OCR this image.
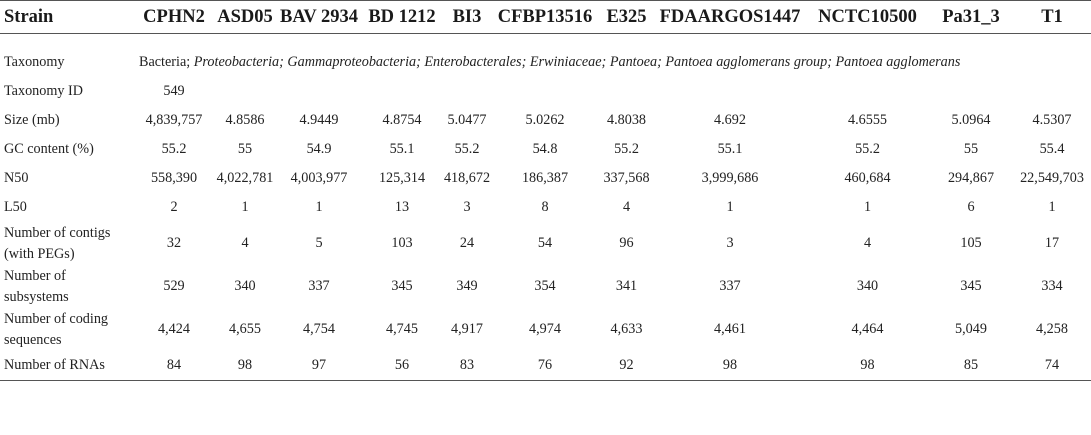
Strain	CPHN2	ASD05	BAV 2934	BD 1212	BI3	CFBP13516	E325	FDAARGOS1447	NCTC10500	Pa31_3	T1

Taxonomy	Bacteria; Proteobacteria; Gammaproteobacteria; Enterobacterales; Erwiniaceae; Pantoea; Pantoea agglomerans group; Pantoea agglomerans										
Taxonomy ID	549										
Size (mb)	4,839,757	4.8586	4.9449	4.8754	5.0477	5.0262	4.8038	4.692	4.6555	5.0964	4.5307
GC content (%)	55.2	55	54.9	55.1	55.2	54.8	55.2	55.1	55.2	55	55.4
N50	558,390	4,022,781	4,003,977	125,314	418,672	186,387	337,568	3,999,686	460,684	294,867	22,549,703
L50	2	1	1	13	3	8	4	1	1	6	1
Number of contigs
(with PEGs)	32	4	5	103	24	54	96	3	4	105	17
Number of
subsystems	529	340	337	345	349	354	341	337	340	345	334
Number of coding
sequences	4,424	4,655	4,754	4,745	4,917	4,974	4,633	4,461	4,464	5,049	4,258
Number of RNAs	84	98	97	56	83	76	92	98	98	85	74
